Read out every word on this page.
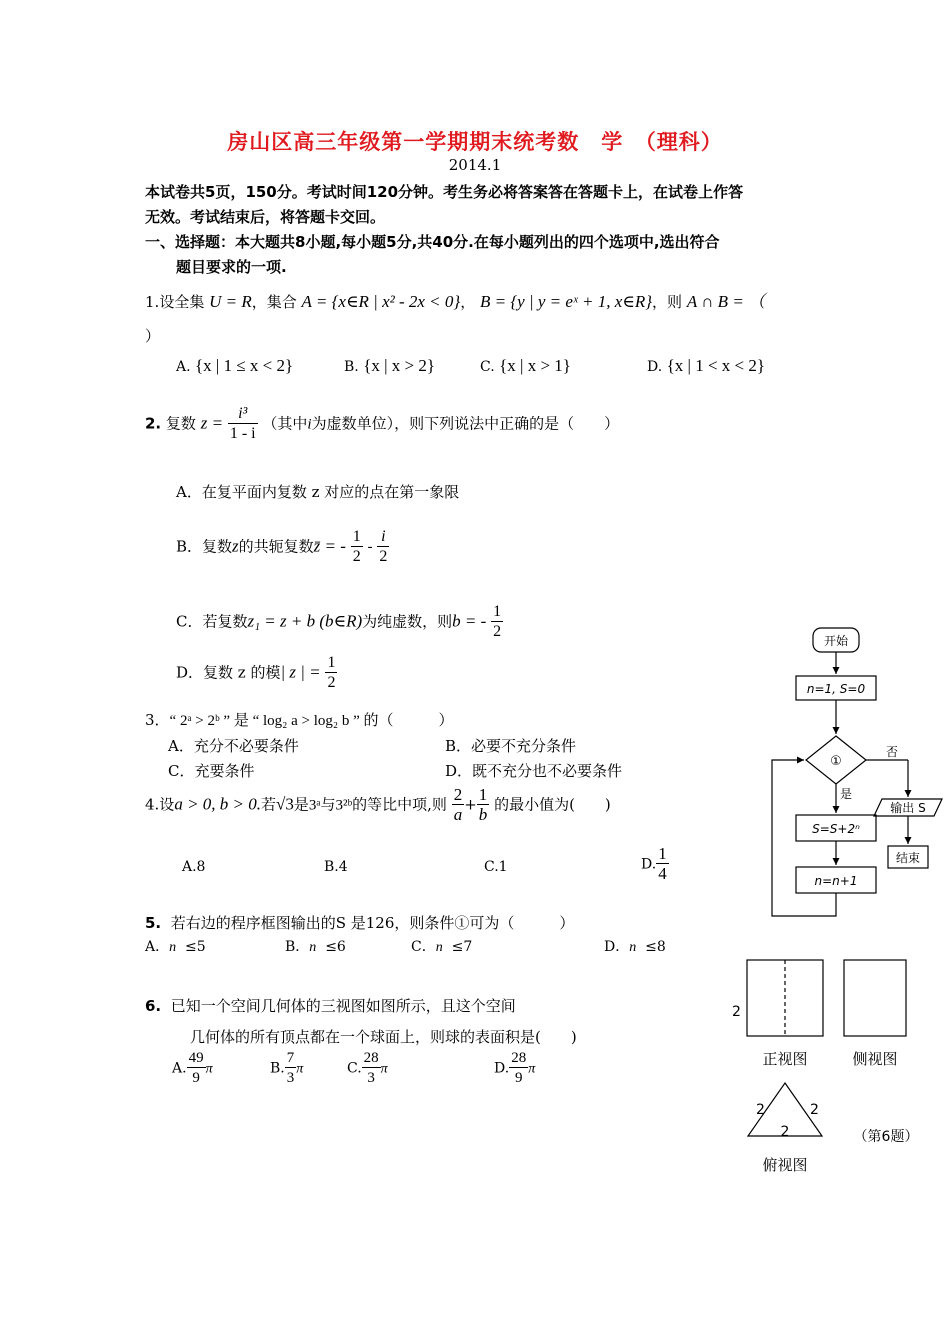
房山区高三年级第一学期期末统考数　学　（理科）
2014.1
本试卷共5页，150分。考试时间120分钟。考生务必将答案答在答题卡上，在试卷上作答
无效。考试结束后，将答题卡交回。
一、选择题：本大题共8小题,每小题5分,共40分.在每小题列出的四个选项中,选出符合
题目要求的一项.
1.设全集 U = R，集合 A = {x∈R | x² - 2x < 0}， B = {y | y = eˣ + 1, x∈R}，则 A ∩ B = （
）
A. {x | 1 ≤ x < 2}	B. {x | x > 2}	C. {x | x > 1}	D. {x | 1 < x < 2}
2. 复数 $z = \frac{\text{i³}}{1 - i}$ （其中i为虚数单位），则下列说法中正确的是（　　）
A．在复平面内复数 z 对应的点在第一象限
B．复数z的共轭复数z̄ = - $\frac{1}{2} - \frac{i}{2}$
C．若复数z₁ = z + b (b∈R)为纯虚数，则b = - $\frac{1}{2}$
D．复数 z 的模| z | = $\frac{1}{2}$
3．“ 2ᵃ > 2ᵇ ” 是 “ log₂ a > log₂ b ” 的（　　　）
A．充分不必要条件	B．必要不充分条件
C．充要条件	D．既不充分也不必要条件
4.设a > 0, b > 0.若√3是3ᵃ与3²ᵇ的等比中项,则 $\frac{2}{a} + \frac{1}{b}$ 的最小值为(　　)
A.8	B.4	C.1	D. $\frac{1}{4}$
5. 若右边的程序框图输出的S 是126，则条件①可为（　　　）
A．n ≤5	B．n ≤6	C．n ≤7	D．n ≤8
6. 已知一个空间几何体的三视图如图所示，且这个空间
几何体的所有顶点都在一个球面上，则球的表面积是(　　)
A. $\frac{49}{9}$ π	B. $\frac{7}{3}$ π	C. $\frac{28}{3}$ π	D. $\frac{28}{9}$ π
开始
n=1, S=0
①
否
是
输出 S
S=S+2ⁿ
结束
n=n+1
2
正视图	侧视图
2	2
2	（第6题）
俯视图
